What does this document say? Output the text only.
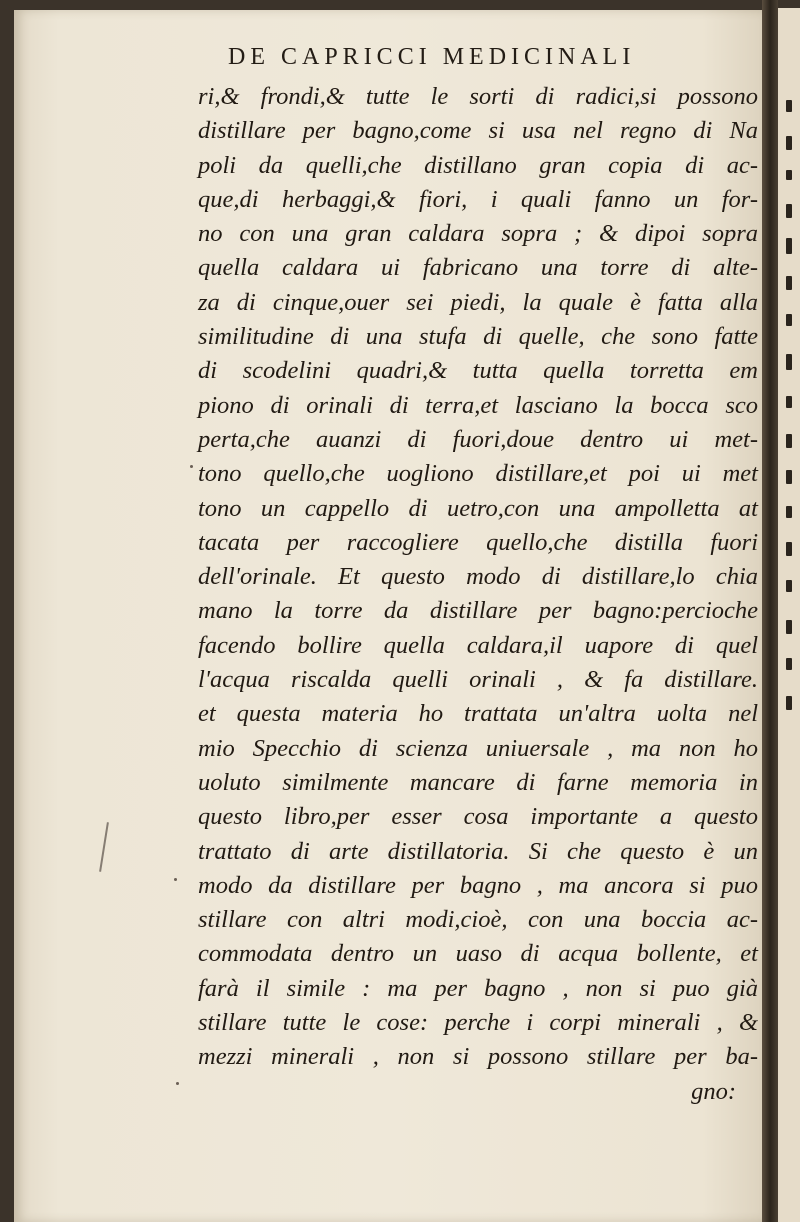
DE CAPRICCI MEDICINALI
ri,& frondi,& tutte le sorti di radici,si possono
distillare per bagno,come si usa nel regno di Na
poli da quelli,che distillano gran copia di ac-
que,di herbaggi,& fiori, i quali fanno un for-
no con una gran caldara sopra ; & dipoi sopra
quella caldara ui fabricano una torre di alte-
za di cinque,ouer sei piedi, la quale è fatta alla
similitudine di una stufa di quelle, che sono fatte
di scodelini quadri,& tutta quella torretta em
piono di orinali di terra,et lasciano la bocca sco
perta,che auanzi di fuori,doue dentro ui met-
tono quello,che uogliono distillare,et poi ui met
tono un cappello di uetro,con una ampolletta at
tacata per raccogliere quello,che distilla fuori
dell'orinale. Et questo modo di distillare,lo chia
mano la torre da distillare per bagno:percioche
facendo bollire quella caldara,il uapore di quel
l'acqua riscalda quelli orinali , & fa distillare.
et questa materia ho trattata un'altra uolta nel
mio Specchio di scienza uniuersale , ma non ho
uoluto similmente mancare di farne memoria in
questo libro,per esser cosa importante a questo
trattato di arte distillatoria. Si che questo è un
modo da distillare per bagno , ma ancora si puo
stillare con altri modi,cioè, con una boccia ac-
commodata dentro un uaso di acqua bollente, et
farà il simile : ma per bagno , non si puo già
stillare tutte le cose: perche i corpi minerali , &
mezzi minerali , non si possono stillare per ba-
gno:
